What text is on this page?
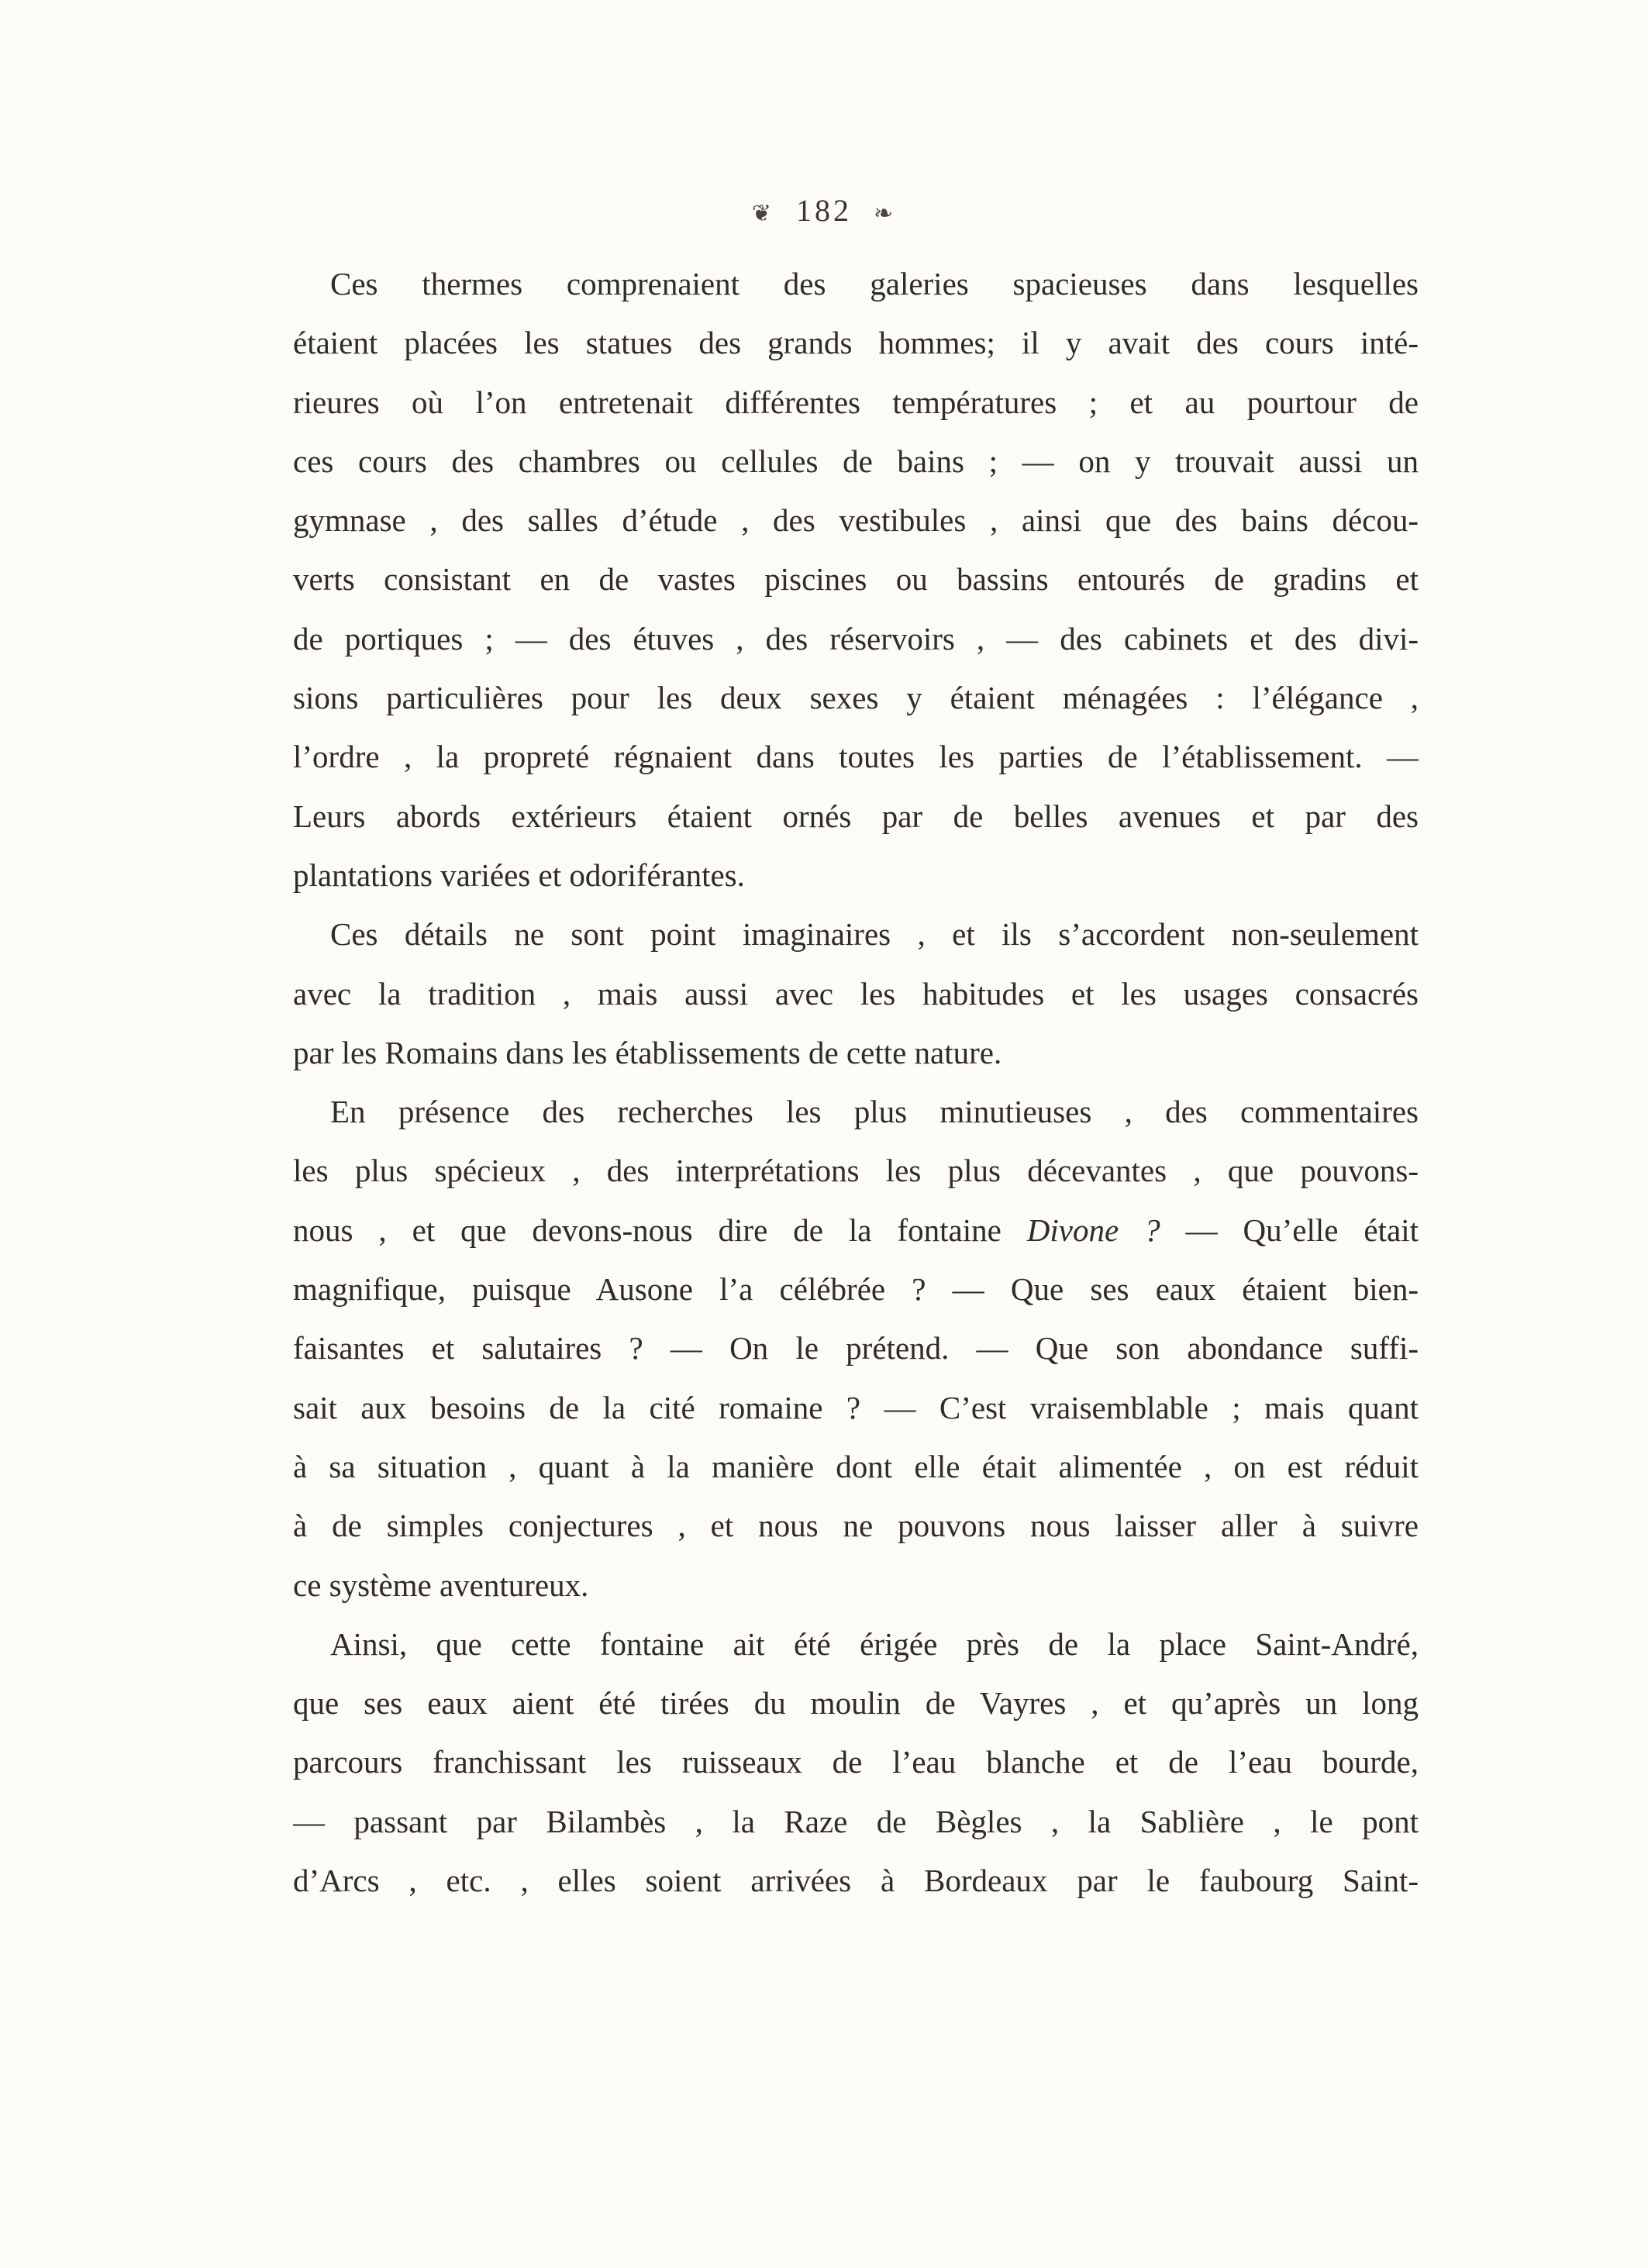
❦ 182 ❧
Ces thermes comprenaient des galeries spacieuses dans lesquelles
étaient placées les statues des grands hommes; il y avait des cours inté-
rieures où l’on entretenait différentes températures ; et au pourtour de
ces cours des chambres ou cellules de bains ; — on y trouvait aussi un
gymnase , des salles d’étude , des vestibules , ainsi que des bains décou-
verts consistant en de vastes piscines ou bassins entourés de gradins et
de portiques ; — des étuves , des réservoirs , — des cabinets et des divi-
sions particulières pour les deux sexes y étaient ménagées : l’élégance ,
l’ordre , la propreté régnaient dans toutes les parties de l’établissement. —
Leurs abords extérieurs étaient ornés par de belles avenues et par des
plantations variées et odoriférantes.
Ces détails ne sont point imaginaires , et ils s’accordent non-seulement
avec la tradition , mais aussi avec les habitudes et les usages consacrés
par les Romains dans les établissements de cette nature.
En présence des recherches les plus minutieuses , des commentaires
les plus spécieux , des interprétations les plus décevantes , que pouvons-
nous , et que devons-nous dire de la fontaine Divone ? — Qu’elle était
magnifique, puisque Ausone l’a célébrée ? — Que ses eaux étaient bien-
faisantes et salutaires ? — On le prétend. — Que son abondance suffi-
sait aux besoins de la cité romaine ? — C’est vraisemblable ; mais quant
à sa situation , quant à la manière dont elle était alimentée , on est réduit
à de simples conjectures , et nous ne pouvons nous laisser aller à suivre
ce système aventureux.
Ainsi, que cette fontaine ait été érigée près de la place Saint-André,
que ses eaux aient été tirées du moulin de Vayres , et qu’après un long
parcours franchissant les ruisseaux de l’eau blanche et de l’eau bourde,
— passant par Bilambès , la Raze de Bègles , la Sablière , le pont
d’Arcs , etc. , elles soient arrivées à Bordeaux par le faubourg Saint-
